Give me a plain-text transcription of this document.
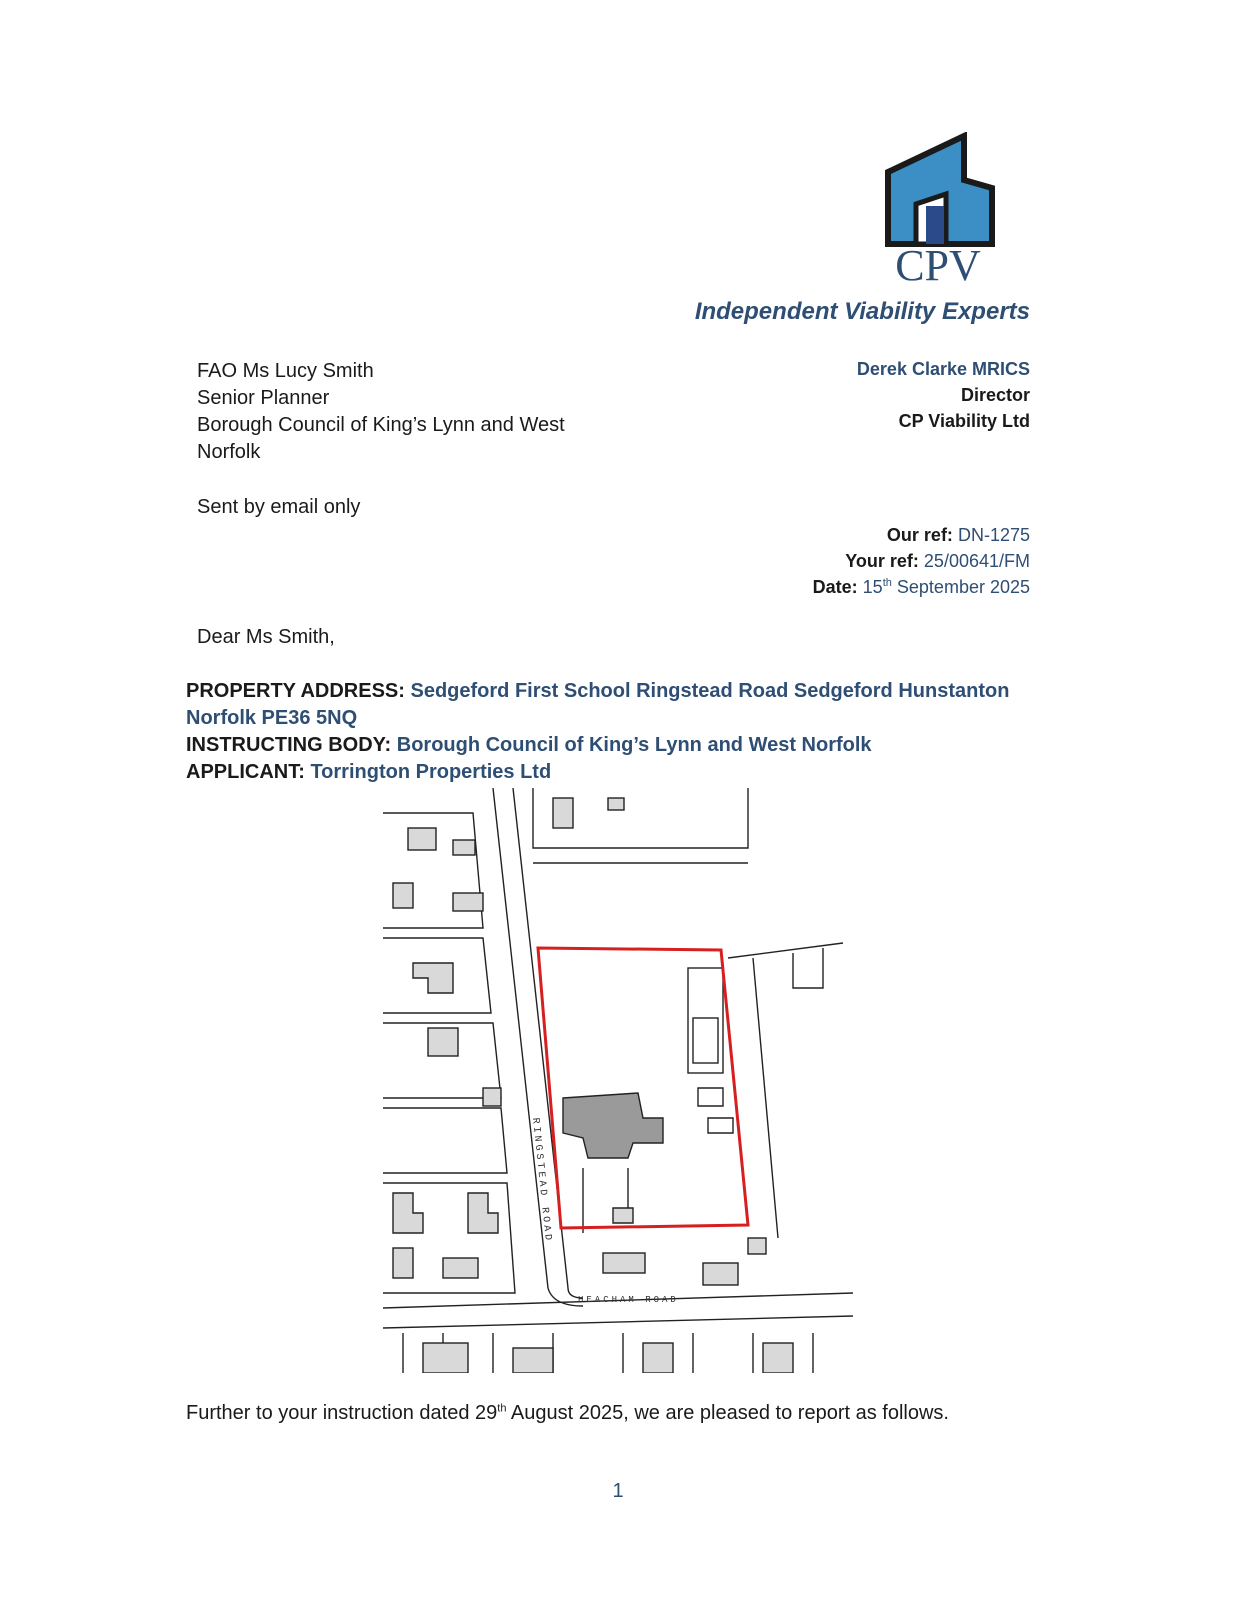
CPV
Independent Viability Experts
FAO Ms Lucy Smith
Senior Planner
Borough Council of King’s Lynn and West Norfolk
Derek Clarke MRICS
Director
CP Viability Ltd
Sent by email only
Our ref: DN-1275
Your ref: 25/00641/FM
Date: 15th September 2025
Dear Ms Smith,
PROPERTY ADDRESS: Sedgeford First School Ringstead Road Sedgeford Hunstanton Norfolk PE36 5NQ
INSTRUCTING BODY: Borough Council of King’s Lynn and West Norfolk
APPLICANT: Torrington Properties Ltd
RINGSTEAD ROAD
HEACHAM ROAD
Further to your instruction dated 29th August 2025, we are pleased to report as follows.
1
